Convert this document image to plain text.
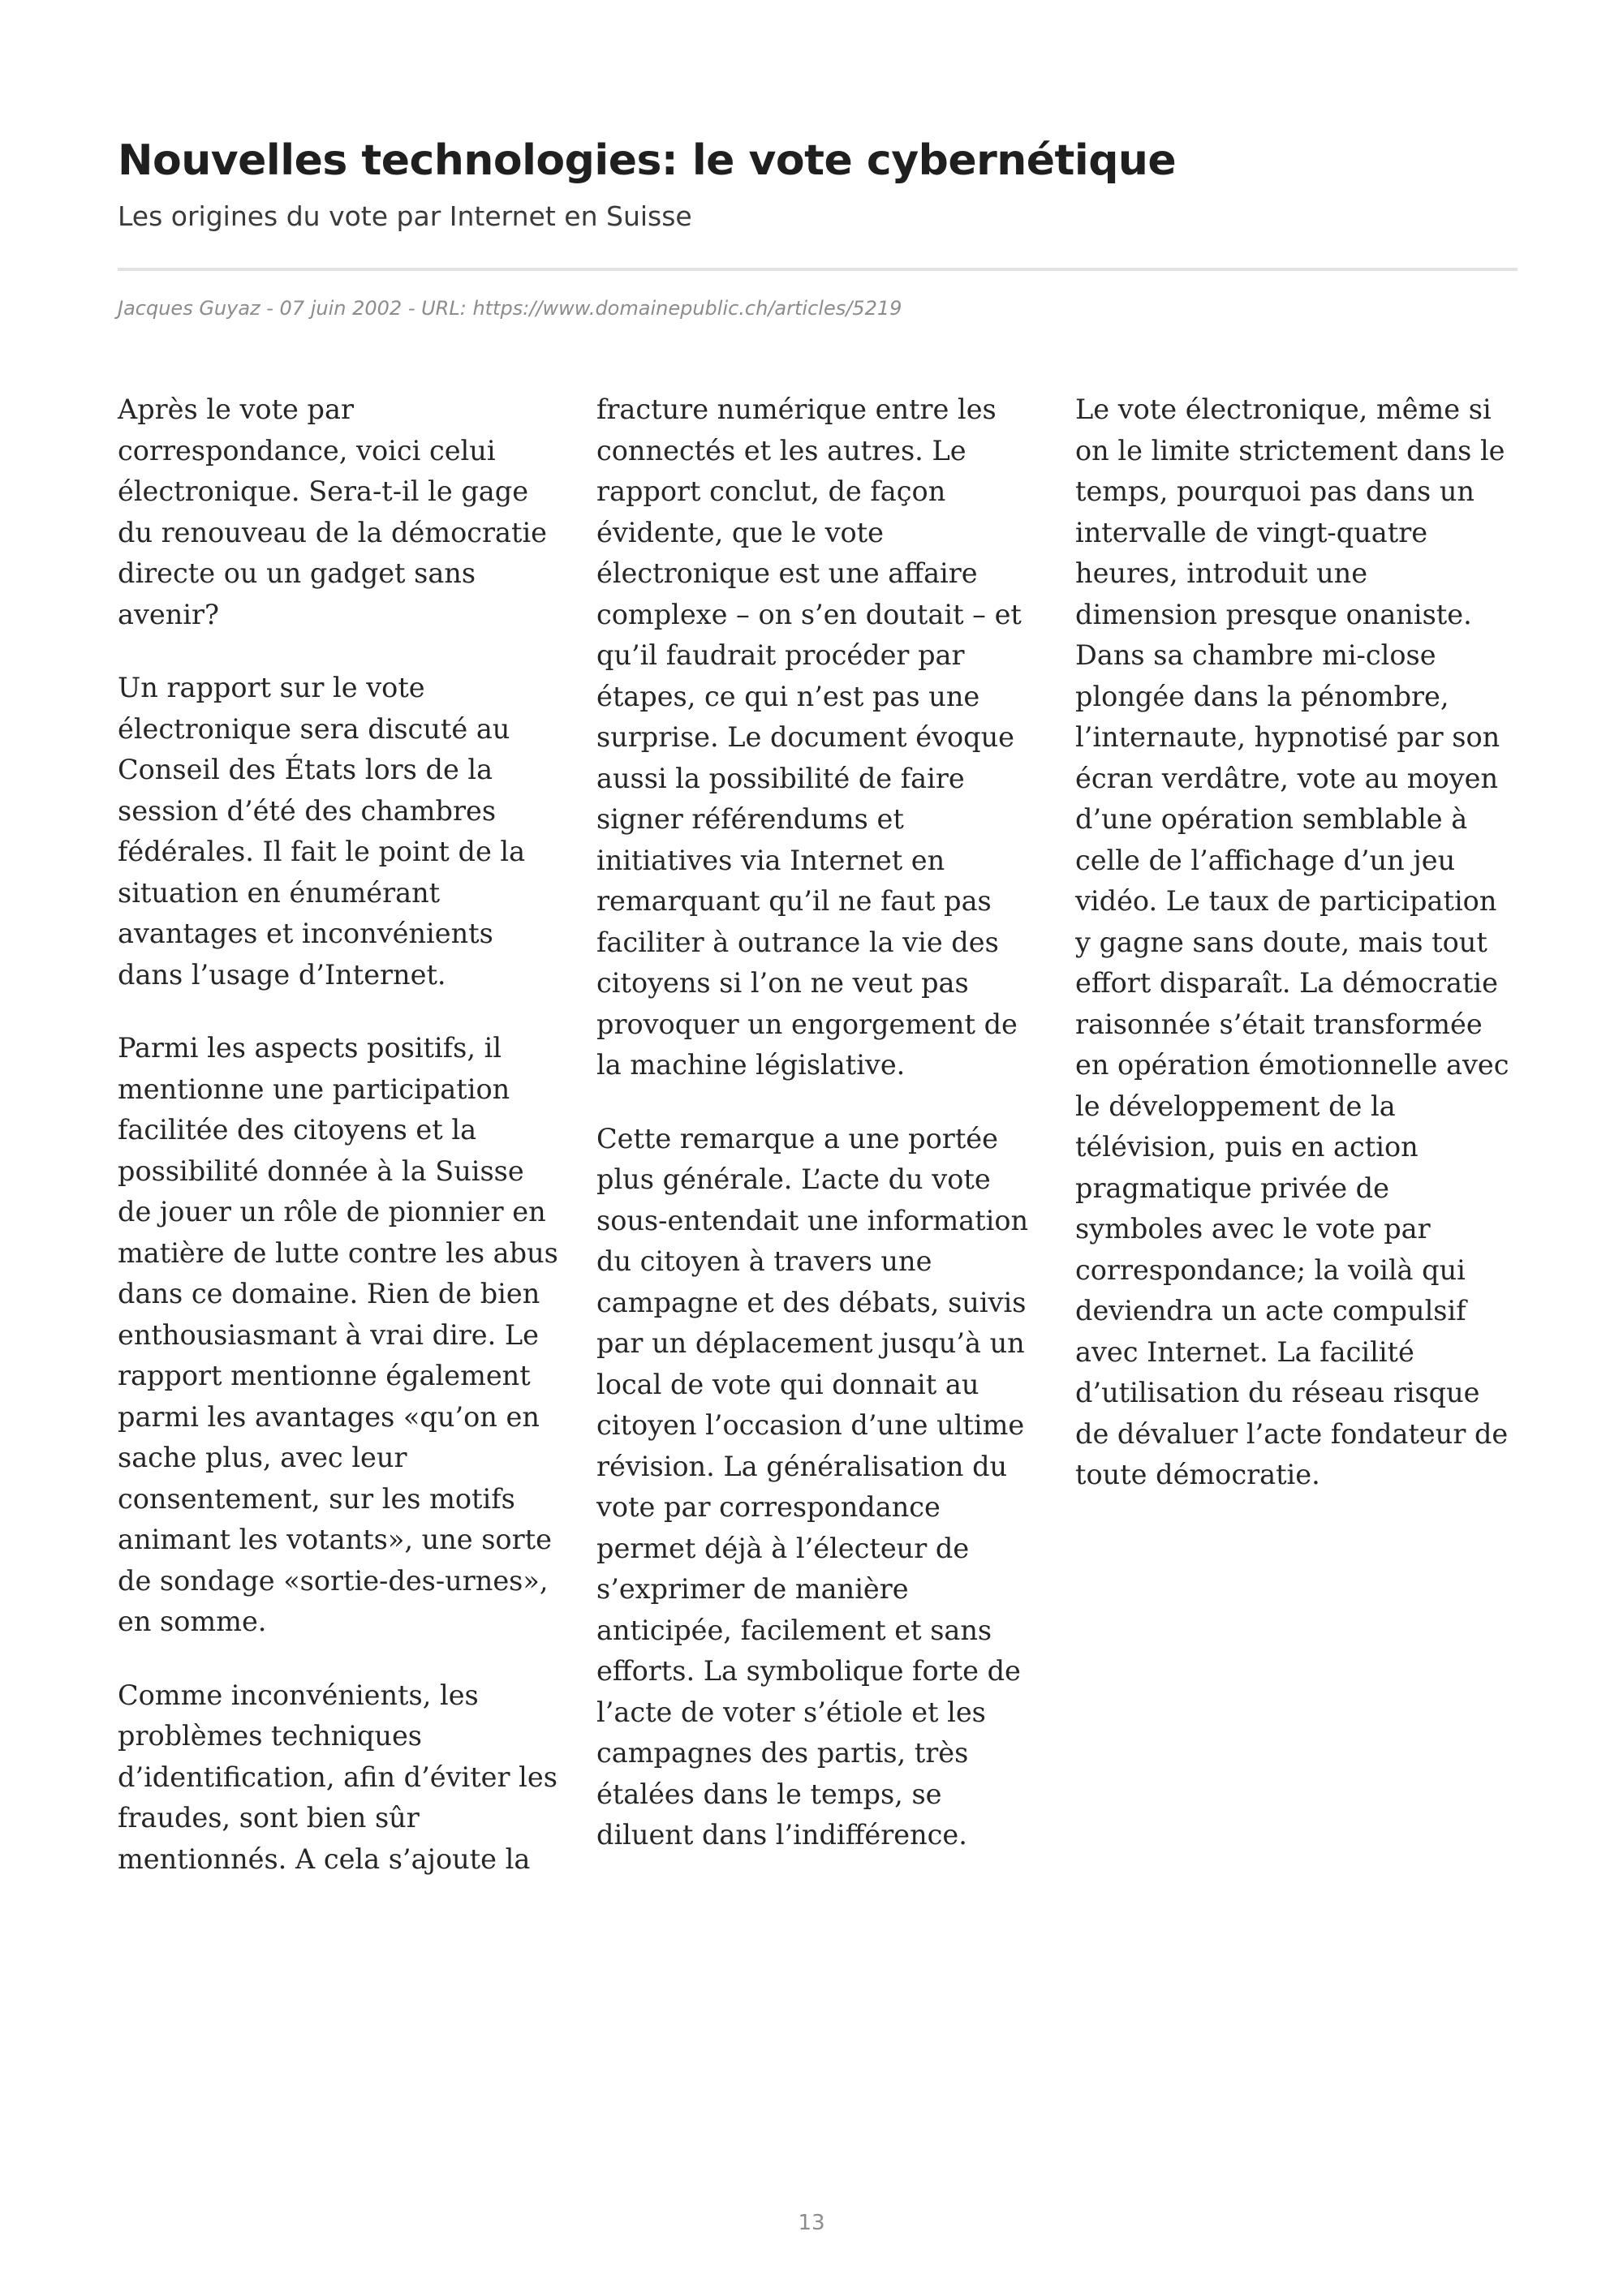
Nouvelles technologies: le vote cybernétique
Les origines du vote par Internet en Suisse
Jacques Guyaz - 07 juin 2002 - URL: https://www.domainepublic.ch/articles/5219

Après le vote par correspondance, voici celui électronique. Sera-t-il le gage du renouveau de la démocratie directe ou un gadget sans avenir?

Un rapport sur le vote électronique sera discuté au Conseil des États lors de la session d’été des chambres fédérales. Il fait le point de la situation en énumérant avantages et inconvénients dans l’usage d’Internet.

Parmi les aspects positifs, il mentionne une participation facilitée des citoyens et la possibilité donnée à la Suisse de jouer un rôle de pionnier en matière de lutte contre les abus dans ce domaine. Rien de bien enthousiasmant à vrai dire. Le rapport mentionne également parmi les avantages «qu’on en sache plus, avec leur consentement, sur les motifs animant les votants», une sorte de sondage «sortie-des-urnes», en somme.

Comme inconvénients, les problèmes techniques d’identification, afin d’éviter les fraudes, sont bien sûr mentionnés. A cela s’ajoute la fracture numérique entre les connectés et les autres. Le rapport conclut, de façon évidente, que le vote électronique est une affaire complexe – on s’en doutait – et qu’il faudrait procéder par étapes, ce qui n’est pas une surprise. Le document évoque aussi la possibilité de faire signer référendums et initiatives via Internet en remarquant qu’il ne faut pas faciliter à outrance la vie des citoyens si l’on ne veut pas provoquer un engorgement de la machine législative.

Cette remarque a une portée plus générale. L’acte du vote sous-entendait une information du citoyen à travers une campagne et des débats, suivis par un déplacement jusqu’à un local de vote qui donnait au citoyen l’occasion d’une ultime révision. La généralisation du vote par correspondance permet déjà à l’électeur de s’exprimer de manière anticipée, facilement et sans efforts. La symbolique forte de l’acte de voter s’étiole et les campagnes des partis, très étalées dans le temps, se diluent dans l’indifférence.

Le vote électronique, même si on le limite strictement dans le temps, pourquoi pas dans un intervalle de vingt-quatre heures, introduit une dimension presque onaniste. Dans sa chambre mi-close plongée dans la pénombre, l’internaute, hypnotisé par son écran verdâtre, vote au moyen d’une opération semblable à celle de l’affichage d’un jeu vidéo. Le taux de participation y gagne sans doute, mais tout effort disparaît. La démocratie raisonnée s’était transformée en opération émotionnelle avec le développement de la télévision, puis en action pragmatique privée de symboles avec le vote par correspondance; la voilà qui deviendra un acte compulsif avec Internet. La facilité d’utilisation du réseau risque de dévaluer l’acte fondateur de toute démocratie.

13
